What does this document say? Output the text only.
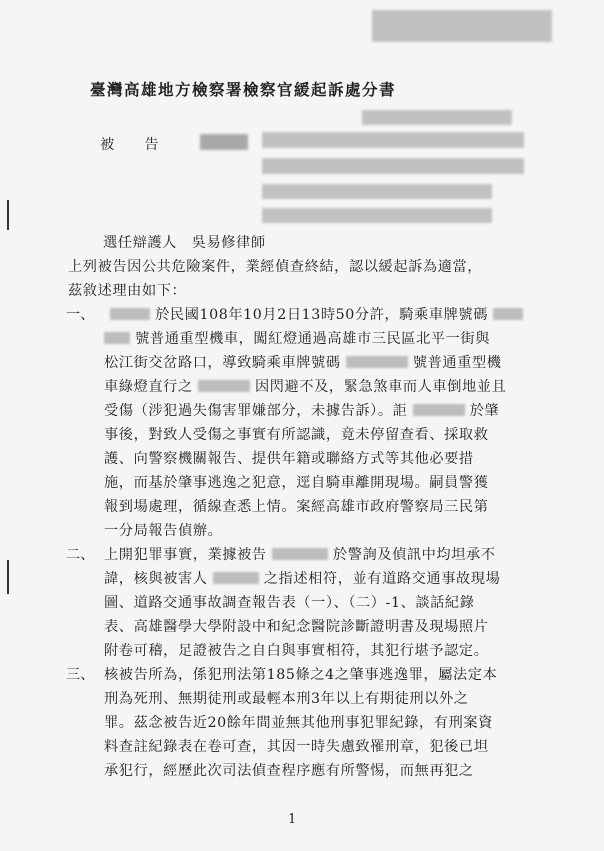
臺灣高雄地方檢察署檢察官緩起訴處分書
被　　告
選任辯護人　吳易修律師
上列被告因公共危險案件，業經偵查終結，認以緩起訴為適當，
茲敘述理由如下：
一、	於民國108年10月2日13時50分許，騎乘車牌號碼
號普通重型機車，闖紅燈通過高雄市三民區北平一街與
松江街交岔路口，導致騎乘車牌號碼	號普通重型機
車綠燈直行之	因閃避不及，緊急煞車而人車倒地並且
受傷（涉犯過失傷害罪嫌部分，未據告訴）。詎	於肇
事後，對致人受傷之事實有所認識，竟未停留查看、採取救
護、向警察機關報告、提供年籍或聯絡方式等其他必要措
施，而基於肇事逃逸之犯意，逕自騎車離開現場。嗣員警獲
報到場處理，循線查悉上情。案經高雄市政府警察局三民第
一分局報告偵辦。
二、 上開犯罪事實，業據被告	於警詢及偵訊中均坦承不
諱，核與被害人	之指述相符，並有道路交通事故現場
圖、道路交通事故調查報告表（一）、（二）-1、談話紀錄
表、高雄醫學大學附設中和紀念醫院診斷證明書及現場照片
附卷可稽，足證被告之自白與事實相符，其犯行堪予認定。
三、 核被告所為，係犯刑法第185條之4之肇事逃逸罪，屬法定本
刑為死刑、無期徒刑或最輕本刑3年以上有期徒刑以外之
罪。茲念被告近20餘年間並無其他刑事犯罪紀錄，有刑案資
料查註紀錄表在卷可查，其因一時失慮致罹刑章，犯後已坦
承犯行，經歷此次司法偵查程序應有所警惕，而無再犯之
1
